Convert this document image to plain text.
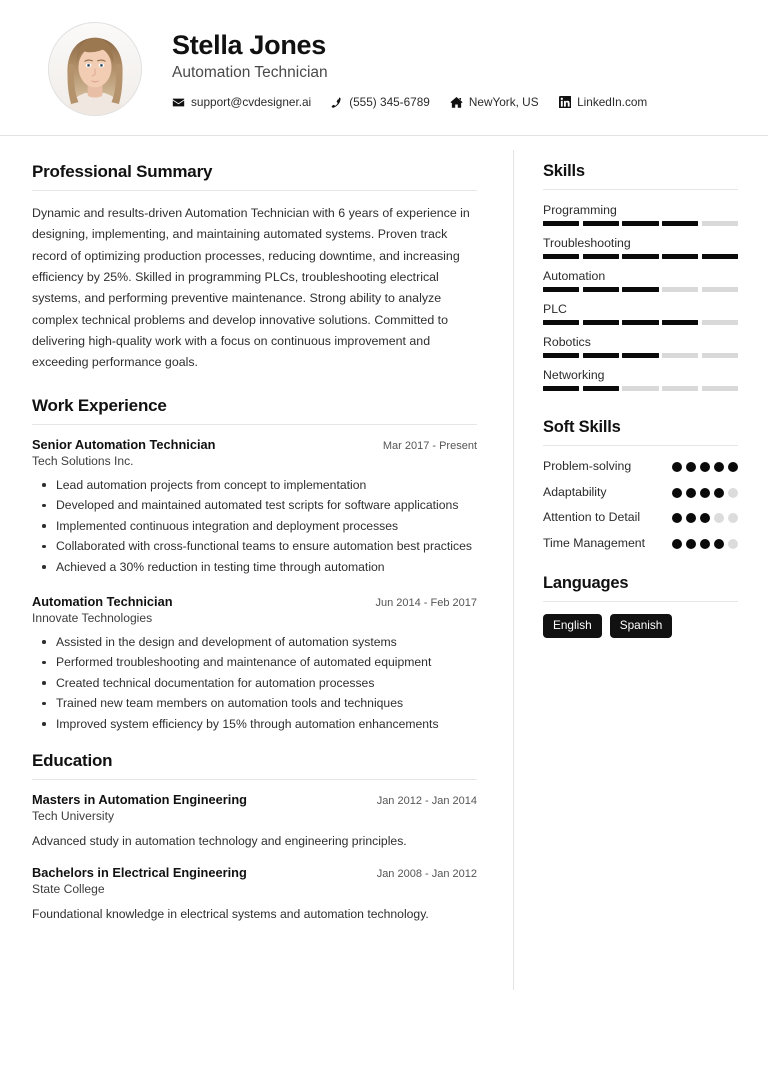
Stella Jones
Automation Technician
support@cvdesigner.ai	(555) 345-6789	NewYork, US	LinkedIn.com
Professional Summary
Dynamic and results-driven Automation Technician with 6 years of experience in designing, implementing, and maintaining automated systems. Proven track record of optimizing production processes, reducing downtime, and increasing efficiency by 25%. Skilled in programming PLCs, troubleshooting electrical systems, and performing preventive maintenance. Strong ability to analyze complex technical problems and develop innovative solutions. Committed to delivering high-quality work with a focus on continuous improvement and exceeding performance goals.
Work Experience
Senior Automation Technician	Mar 2017 - Present
Tech Solutions Inc.
Lead automation projects from concept to implementation
Developed and maintained automated test scripts for software applications
Implemented continuous integration and deployment processes
Collaborated with cross-functional teams to ensure automation best practices
Achieved a 30% reduction in testing time through automation
Automation Technician	Jun 2014 - Feb 2017
Innovate Technologies
Assisted in the design and development of automation systems
Performed troubleshooting and maintenance of automated equipment
Created technical documentation for automation processes
Trained new team members on automation tools and techniques
Improved system efficiency by 15% through automation enhancements
Education
Masters in Automation Engineering	Jan 2012 - Jan 2014
Tech University
Advanced study in automation technology and engineering principles.
Bachelors in Electrical Engineering	Jan 2008 - Jan 2012
State College
Foundational knowledge in electrical systems and automation technology.
Skills
Programming
Troubleshooting
Automation
PLC
Robotics
Networking
Soft Skills
Problem-solving
Adaptability
Attention to Detail
Time Management
Languages
English	Spanish
